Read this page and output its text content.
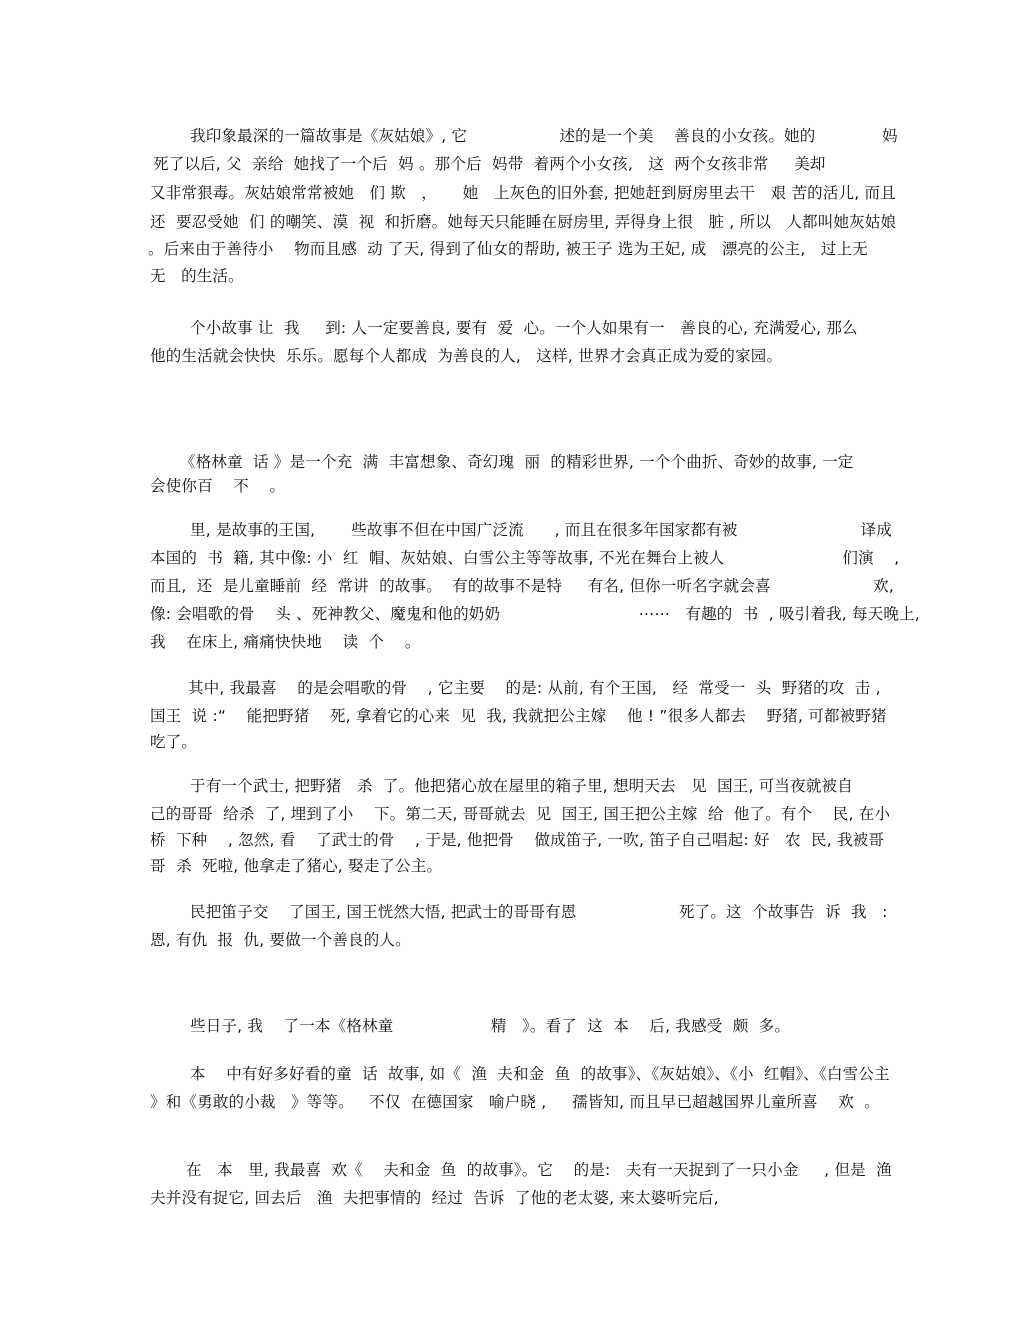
我印象最深的一篇故事是《灰姑娘》, 它                  述的是一个美    善良的小女孩。她的             妈
死了以后, 父  亲给  她找了一个后  妈 。那个后  妈带  着两个小女孩,   这  两个女孩非常     美却
又非常狠毒。灰姑娘常常被她   们 欺   ，     她   上灰色的旧外套, 把她赶到厨房里去干   艰 苦的活儿, 而且
还  要忍受她  们 的嘲笑、漠  视  和折磨。她每天只能睡在厨房里, 弄得身上很   脏 , 所以   人都叫她灰姑娘
。后来由于善待小    物而且感  动 了天, 得到了仙女的帮助, 被王子 选为王妃, 成   漂亮的公主,   过上无
无   的生活。
个小故事 让  我     到: 人一定要善良, 要有  爱  心。一个人如果有一   善良的心, 充满爱心, 那么
他的生活就会快快  乐乐。愿每个人都成  为善良的人,   这样, 世界才会真正成为爱的家园。
《格林童  话 》是一个充  满  丰富想象、奇幻瑰  丽  的精彩世界, 一个个曲折、奇妙的故事, 一定
会使你百    不    。
里, 是故事的王国,       些故事不但在中国广泛流      , 而且在很多年国家都有被                        译成
本国的  书  籍, 其中像: 小  红  帽、灰姑娘、白雪公主等等故事, 不光在舞台上被人                       们演    ,
而且,  还  是儿童睡前  经  常讲  的故事。  有的故事不是特     有名, 但你一听名字就会喜                    欢,
像: 会唱歌的骨    头 、死神教父、魔鬼和他的奶奶                           ⋯⋯   有趣的  书  , 吸引着我, 每天晚上,
我    在床上, 痛痛快快地    读  个    。
其中, 我最喜    的是会唱歌的骨    , 它主要    的是: 从前, 有个王国,   经  常受一  头  野猪的攻  击 ,
国王  说 :“    能把野猪    死, 拿着它的心来  见  我, 我就把公主嫁    他 ! ”很多人都去    野猪, 可都被野猪
吃了。
于有一个武士, 把野猪   杀  了。他把猪心放在屋里的箱子里, 想明天去   见  国王, 可当夜就被自
己的哥哥  给杀  了, 埋到了小    下。第二天, 哥哥就去  见  国王, 国王把公主嫁  给  他了。有个    民, 在小
桥  下种    , 忽然, 看    了武士的骨    , 于是, 他把骨    做成笛子, 一吹, 笛子自己唱起: 好   农  民, 我被哥
哥  杀  死啦, 他拿走了猪心, 娶走了公主。
民把笛子交    了国王, 国王恍然大悟, 把武士的哥哥有恩                    死了。这  个故事告  诉  我   :
恩, 有仇  报  仇, 要做一个善良的人。
些日子, 我    了一本《格林童                   精   》。看了  这  本    后, 我感受  颇  多。
本    中有好多好看的童  话  故事, 如《  渔  夫和金  鱼  的故事》、《灰姑娘》、《小  红帽》、《白雪公主
》和《勇敢的小裁   》等等。   不仅  在德国家   喻户晓 ,     孺皆知, 而且早已超越国界儿童所喜    欢  。
在   本   里, 我最喜  欢《    夫和金  鱼  的故事》。它    的是:   夫有一天捉到了一只小金     , 但是  渔
夫并没有捉它, 回去后   渔  夫把事情的  经过  告诉  了他的老太婆, 来太婆听完后,
